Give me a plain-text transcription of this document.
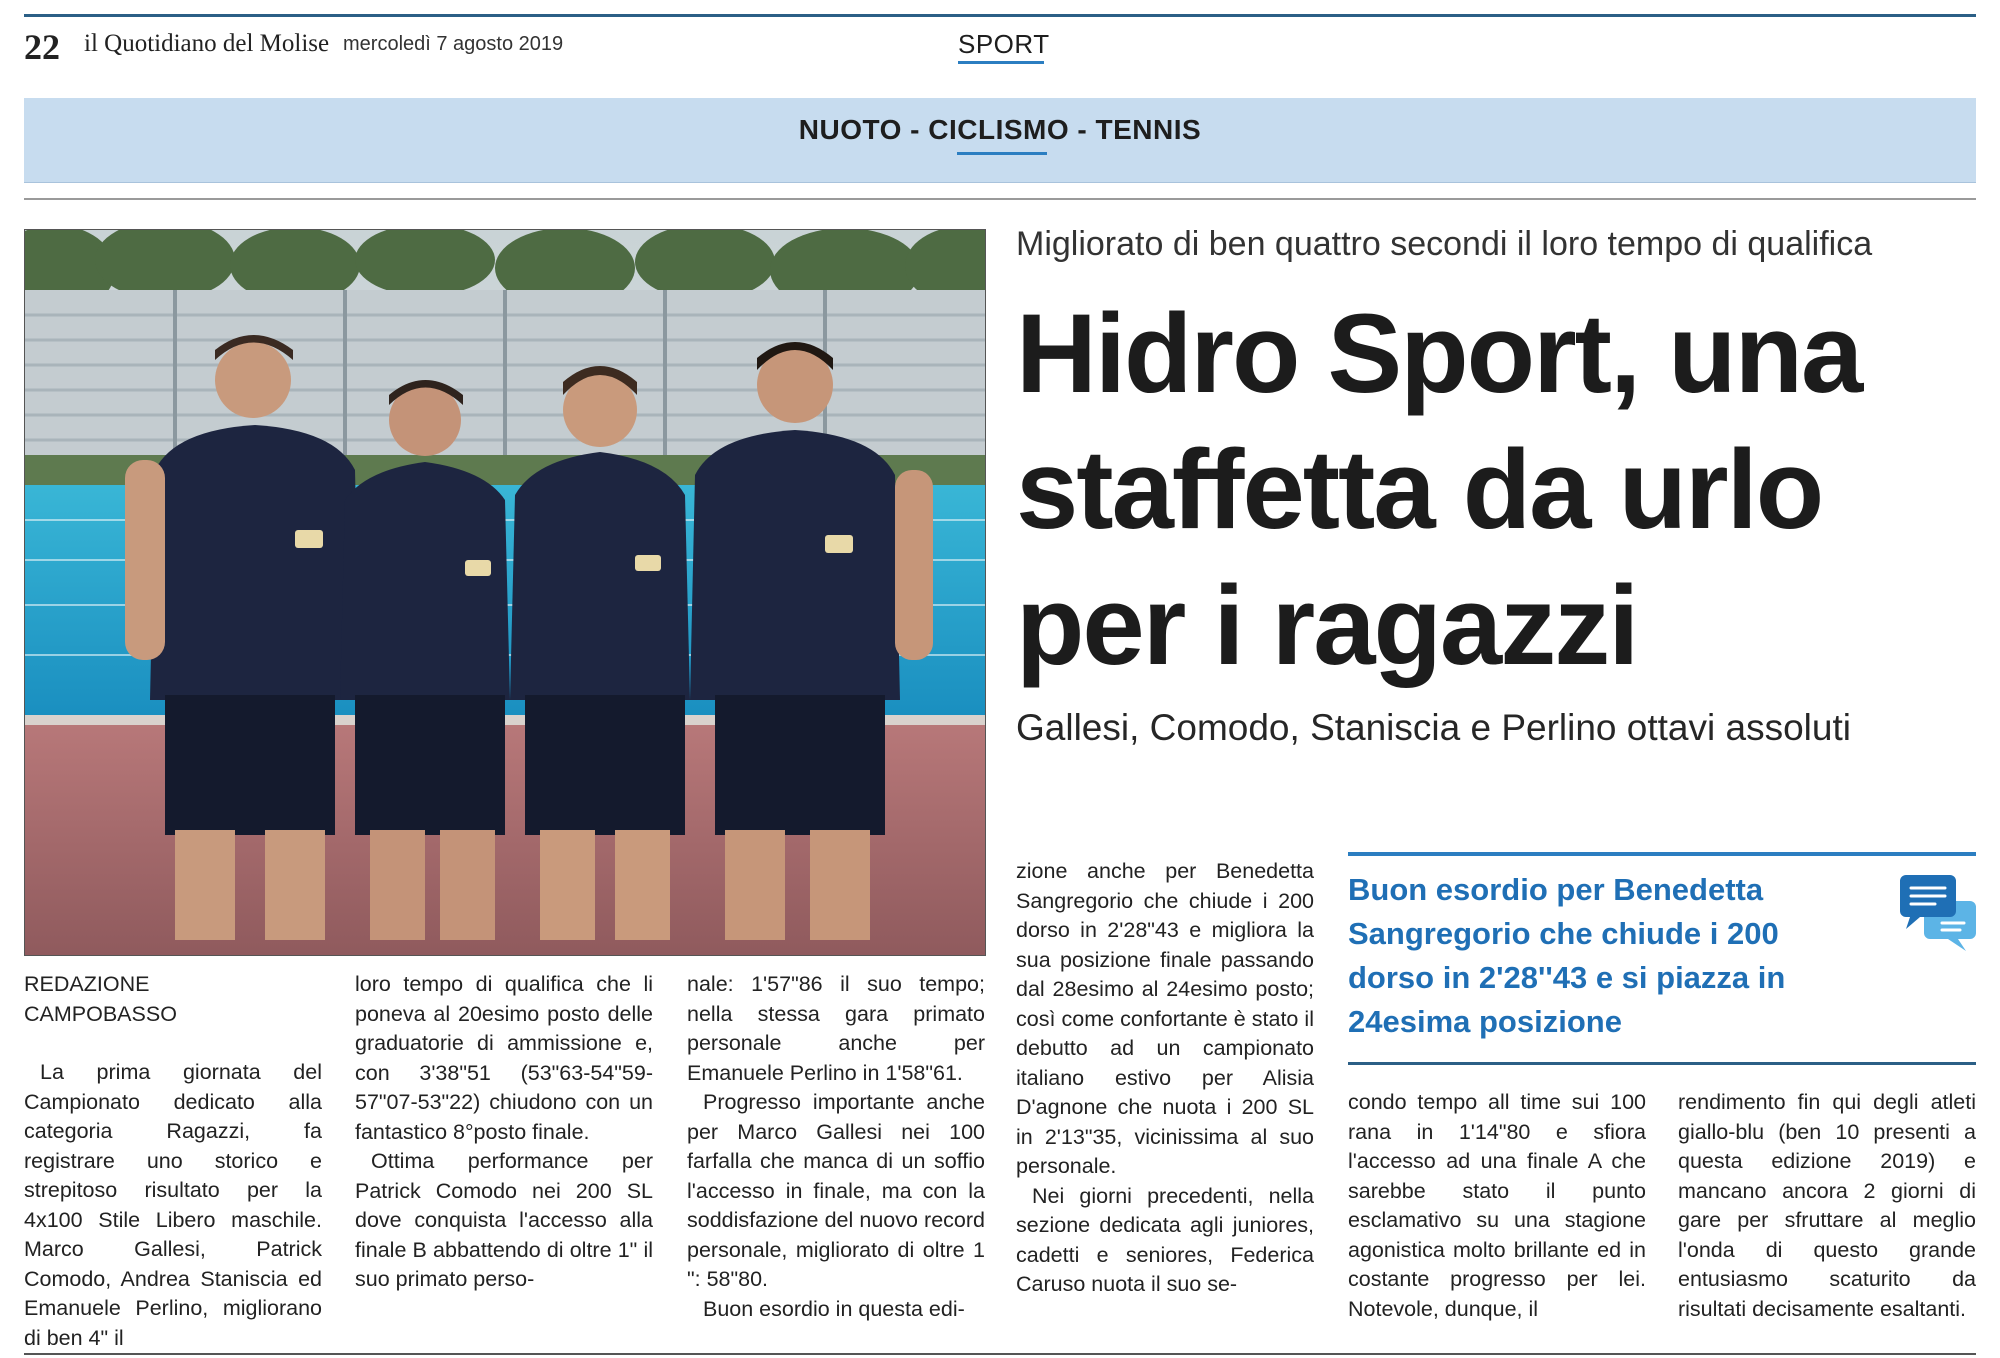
22 il Quotidiano del Molise mercoledì 7 agosto 2019	SPORT
NUOTO - CICLISMO - TENNIS
Migliorato di ben quattro secondi il loro tempo di qualifica
Hidro Sport, una staffetta da urlo per i ragazzi
Gallesi, Comodo, Staniscia e Perlino ottavi assoluti
REDAZIONE
CAMPOBASSO

La prima giornata del Campionato dedicato alla categoria Ragazzi, fa registrare uno storico e strepitoso risultato per la 4x100 Stile Libero maschile. Marco Gallesi, Patrick Comodo, Andrea Staniscia ed Emanuele Perlino, migliorano di ben 4" il

loro tempo di qualifica che li poneva al 20esimo posto delle graduatorie di ammissione e, con 3'38"51 (53"63-54"59-57"07-53"22) chiudono con un fantastico 8°posto finale.

Ottima performance per Patrick Comodo nei 200 SL dove conquista l'accesso alla finale B abbattendo di oltre 1" il suo primato perso-

nale: 1'57"86 il suo tempo; nella stessa gara primato personale anche per Emanuele Perlino in 1'58"61.

Progresso importante anche per Marco Gallesi nei 100 farfalla che manca di un soffio l'accesso in finale, ma con la soddisfazione del nuovo record personale, migliorato di oltre 1 ": 58"80.

Buon esordio in questa edi-

zione anche per Benedetta Sangregorio che chiude i 200 dorso in 2'28"43 e migliora la sua posizione finale passando dal 28esimo al 24esimo posto; così come confortante è stato il debutto ad un campionato italiano estivo per Alisia D'agnone che nuota i 200 SL in 2'13"35, vicinissima al suo personale.

Nei giorni precedenti, nella sezione dedicata agli juniores, cadetti e seniores, Federica Caruso nuota il suo se-

condo tempo all time sui 100 rana in 1'14"80 e sfiora l'accesso ad una finale A che sarebbe stato il punto esclamativo su una stagione agonistica molto brillante ed in costante progresso per lei. Notevole, dunque, il

rendimento fin qui degli atleti giallo-blu (ben 10 presenti a questa edizione 2019) e mancano ancora 2 giorni di gare per sfruttare al meglio l'onda di questo grande entusiasmo scaturito da risultati decisamente esaltanti.

Buon esordio per Benedetta Sangregorio che chiude i 200 dorso in 2'28''43 e si piazza in 24esima posizione
